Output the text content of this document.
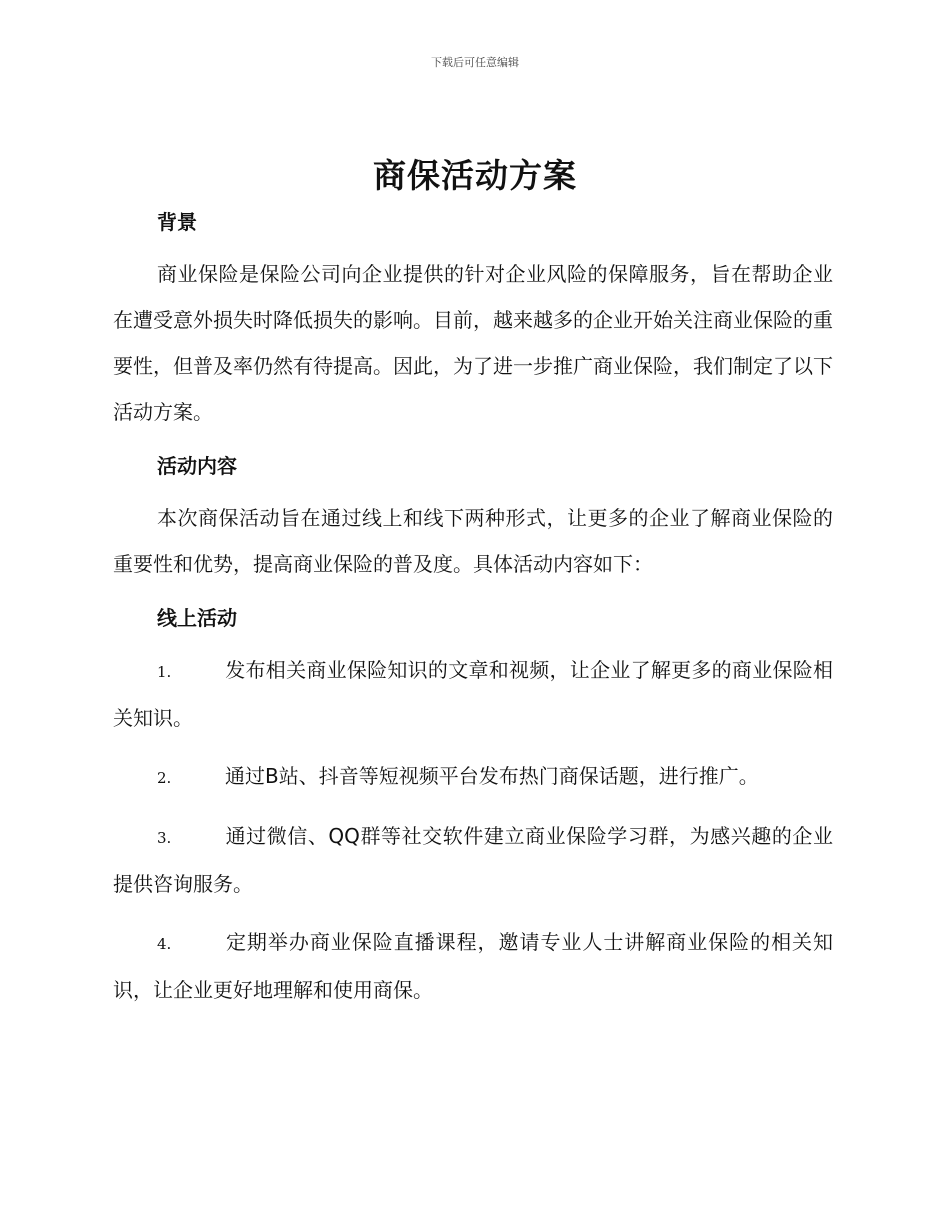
下载后可任意编辑
商保活动方案
背景

商业保险是保险公司向企业提供的针对企业风险的保障服务，旨在帮助企业在遭受意外损失时降低损失的影响。目前，越来越多的企业开始关注商业保险的重要性，但普及率仍然有待提高。因此，为了进一步推广商业保险，我们制定了以下活动方案。

活动内容

本次商保活动旨在通过线上和线下两种形式，让更多的企业了解商业保险的重要性和优势，提高商业保险的普及度。具体活动内容如下：

线上活动
1.	发布相关商业保险知识的文章和视频，让企业了解更多的商业保险相关知识。
2.	通过B站、抖音等短视频平台发布热门商保话题，进行推广。
3.	通过微信、QQ群等社交软件建立商业保险学习群，为感兴趣的企业提供咨询服务。
4.	定期举办商业保险直播课程，邀请专业人士讲解商业保险的相关知识，让企业更好地理解和使用商保。
